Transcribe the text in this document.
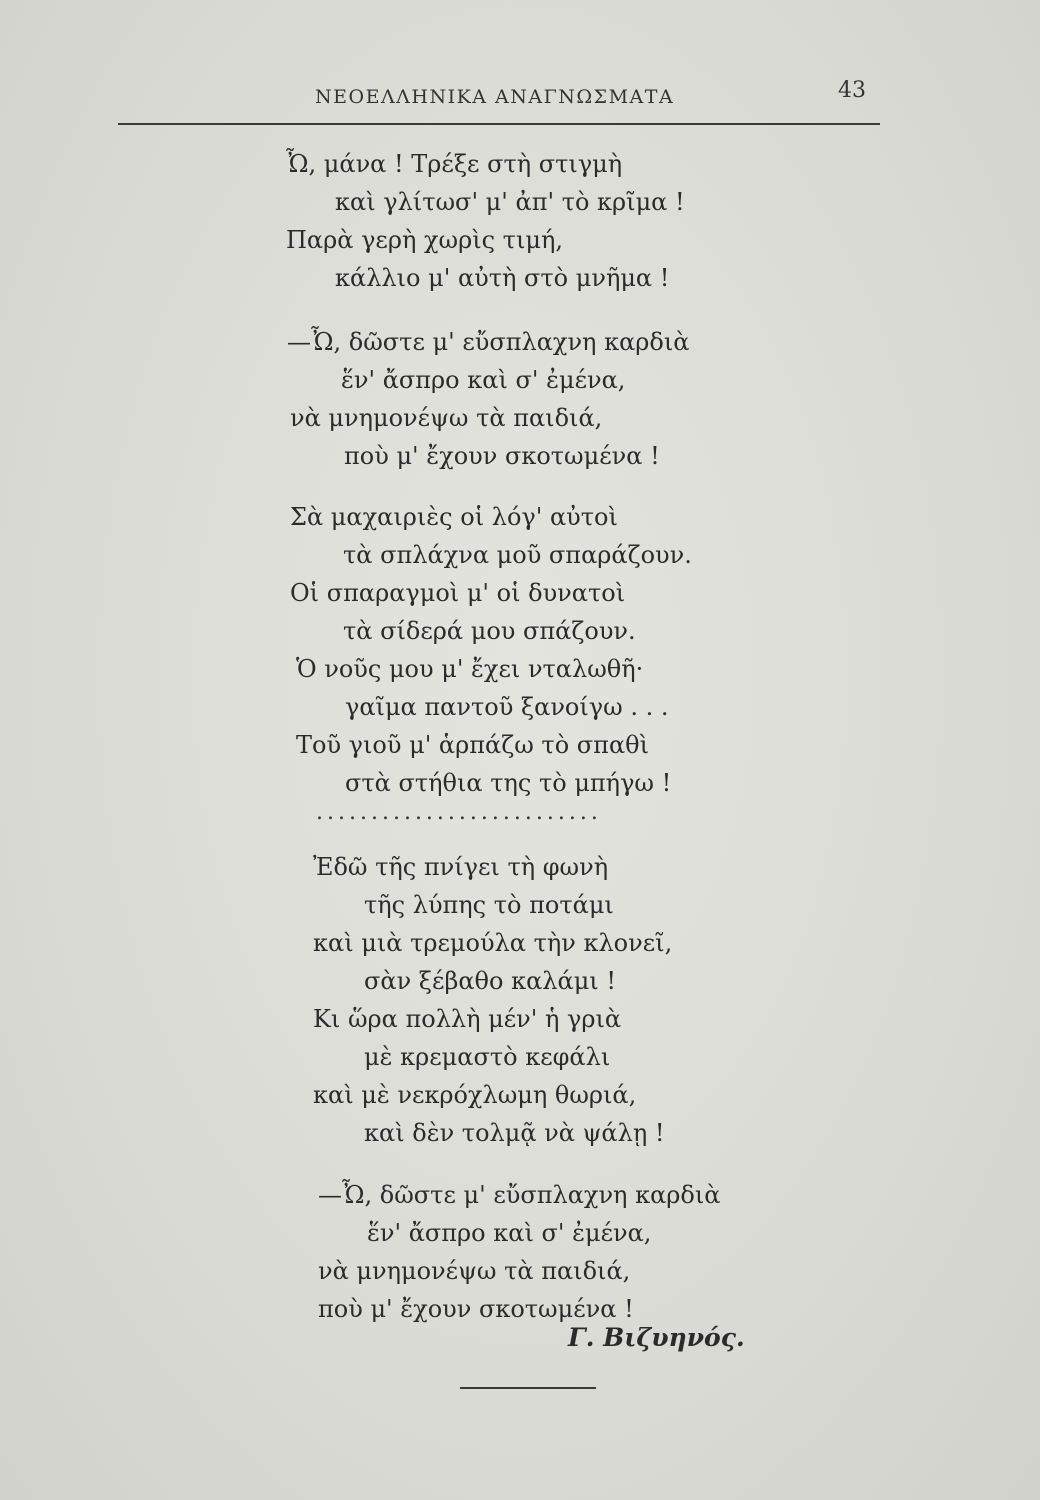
ΝΕΟΕΛΛΗΝΙΚΑ ΑΝΑΓΝΩΣΜΑΤΑ	43
Ὦ, μάνα ! Τρέξε στὴ στιγμὴ
καὶ γλίτωσ' μ' ἀπ' τὸ κρῖμα !
Παρὰ γερὴ χωρὶς τιμή,
κάλλιο μ' αὐτὴ στὸ μνῆμα !
—Ὦ, δῶστε μ' εὔσπλαχνη καρδιὰ
ἕν' ἄσπρο καὶ σ' ἐμένα,
νὰ μνημονέψω τὰ παιδιά,
ποὺ μ' ἔχουν σκοτωμένα !
Σὰ μαχαιριὲς οἱ λόγ' αὐτοὶ
τὰ σπλάχνα μοῦ σπαράζουν.
Οἱ σπαραγμοὶ μ' οἱ δυνατοὶ
τὰ σίδερά μου σπάζουν.
Ὁ νοῦς μου μ' ἔχει νταλωθῆ·
γαῖμα παντοῦ ξανοίγω . . .
Τοῦ γιοῦ μ' ἁρπάζω τὸ σπαθὶ
στὰ στήθια της τὸ μπήγω !
..........................
Ἐδῶ τῆς πνίγει τὴ φωνὴ
τῆς λύπης τὸ ποτάμι
καὶ μιὰ τρεμούλα τὴν κλονεῖ,
σὰν ξέβαθο καλάμι !
Κι ὥρα πολλὴ μέν' ἡ γριὰ
μὲ κρεμαστὸ κεφάλι
καὶ μὲ νεκρόχλωμη θωριά,
καὶ δὲν τολμᾷ νὰ ψάλῃ !
—Ὦ, δῶστε μ' εὔσπλαχνη καρδιὰ
ἕν' ἄσπρο καὶ σ' ἐμένα,
νὰ μνημονέψω τὰ παιδιά,
ποὺ μ' ἔχουν σκοτωμένα !
Γ. Βιζυηνός.
